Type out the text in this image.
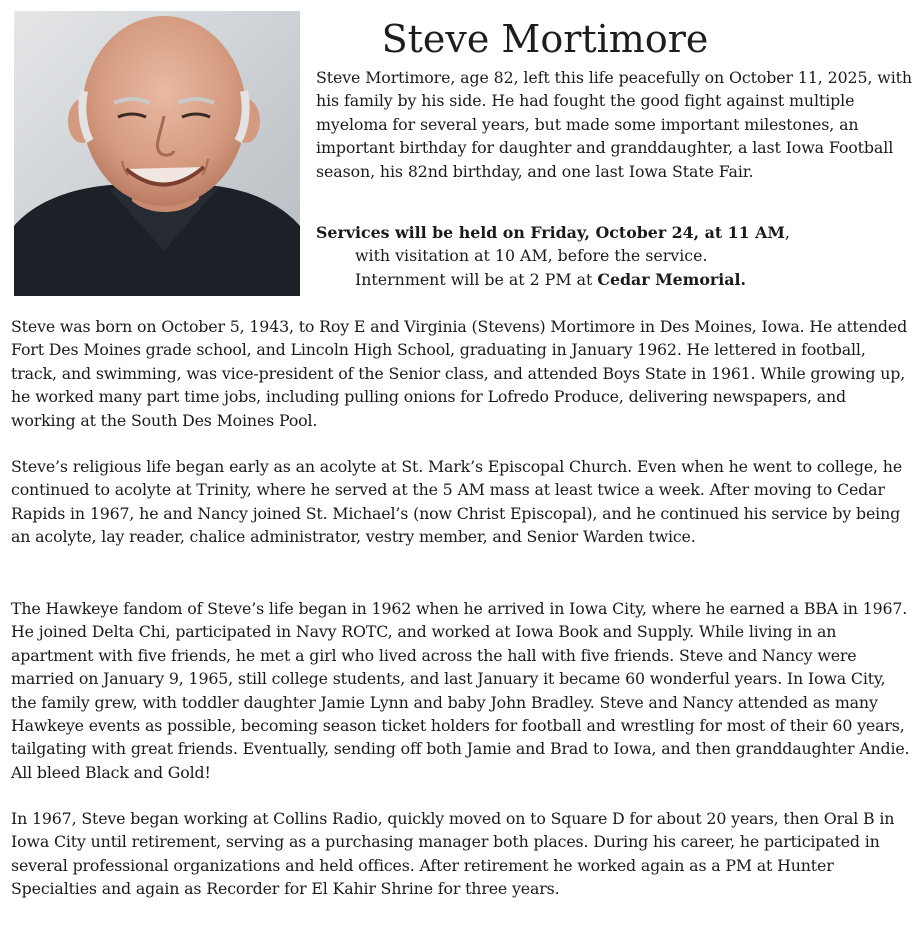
Steve Mortimore

Steve Mortimore, age 82, left this life peacefully on October 11, 2025, with his family by his side. He had fought the good fight against multiple myeloma for several years, but made some important milestones, an important birthday for daughter and granddaughter, a last Iowa Football season, his 82nd birthday, and one last Iowa State Fair.

Services will be held on Friday, October 24, at 11 AM,
with visitation at 10 AM, before the service.
Internment will be at 2 PM at Cedar Memorial.

Steve was born on October 5, 1943, to Roy E and Virginia (Stevens) Mortimore in Des Moines, Iowa. He attended Fort Des Moines grade school, and Lincoln High School, graduating in January 1962. He lettered in football, track, and swimming, was vice-president of the Senior class, and attended Boys State in 1961. While growing up, he worked many part time jobs, including pulling onions for Lofredo Produce, delivering newspapers, and working at the South Des Moines Pool.

Steve’s religious life began early as an acolyte at St. Mark’s Episcopal Church. Even when he went to college, he continued to acolyte at Trinity, where he served at the 5 AM mass at least twice a week. After moving to Cedar Rapids in 1967, he and Nancy joined St. Michael’s (now Christ Episcopal), and he continued his service by being an acolyte, lay reader, chalice administrator, vestry member, and Senior Warden twice.

The Hawkeye fandom of Steve’s life began in 1962 when he arrived in Iowa City, where he earned a BBA in 1967. He joined Delta Chi, participated in Navy ROTC, and worked at Iowa Book and Supply. While living in an apartment with five friends, he met a girl who lived across the hall with five friends. Steve and Nancy were married on January 9, 1965, still college students, and last January it became 60 wonderful years. In Iowa City, the family grew, with toddler daughter Jamie Lynn and baby John Bradley. Steve and Nancy attended as many Hawkeye events as possible, becoming season ticket holders for football and wrestling for most of their 60 years, tailgating with great friends. Eventually, sending off both Jamie and Brad to Iowa, and then granddaughter Andie. All bleed Black and Gold!

In 1967, Steve began working at Collins Radio, quickly moved on to Square D for about 20 years, then Oral B in Iowa City until retirement, serving as a purchasing manager both places. During his career, he participated in several professional organizations and held offices. After retirement he worked again as a PM at Hunter Specialties and again as Recorder for El Kahir Shrine for three years.
